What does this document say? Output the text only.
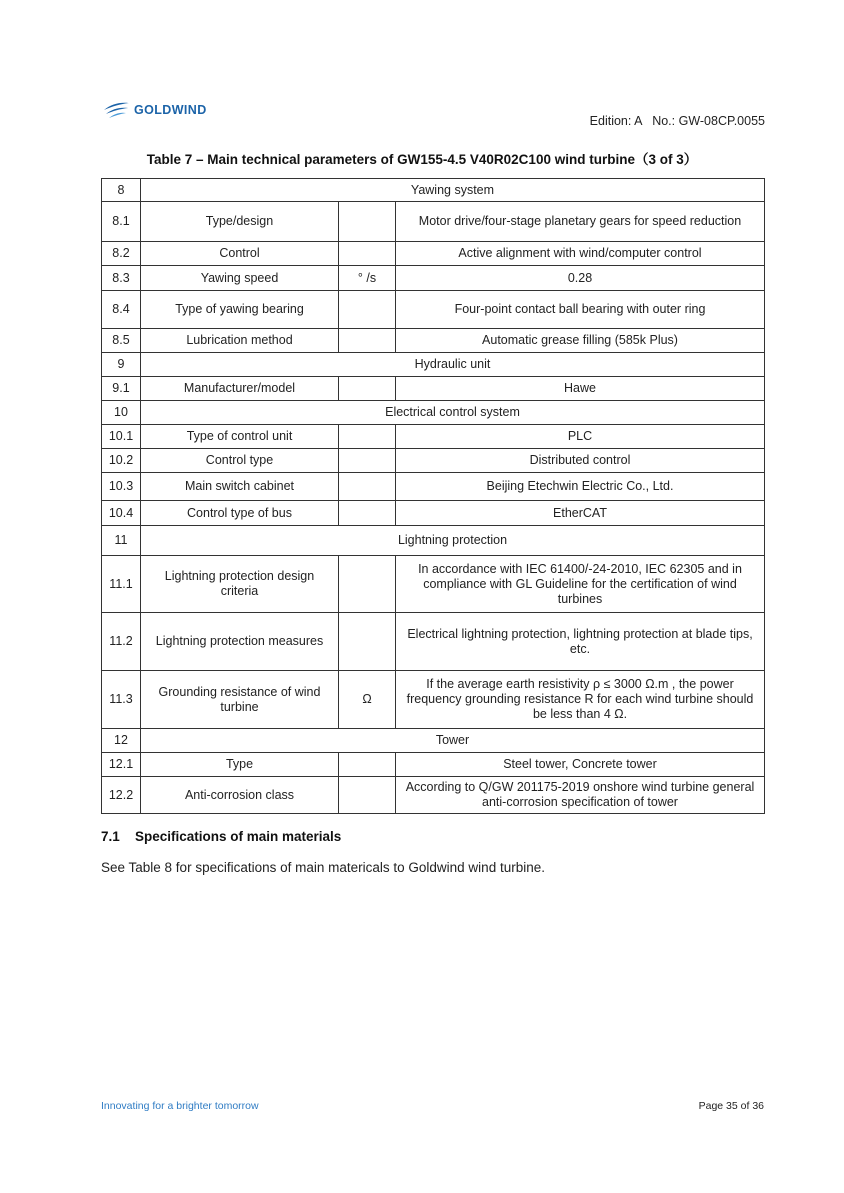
GOLDWIND
Edition: A   No.: GW-08CP.0055
Table 7 – Main technical parameters of GW155-4.5 V40R02C100 wind turbine（3 of 3）
8	Yawing system		
8.1	Type/design		Motor drive/four-stage planetary gears for speed reduction
8.2	Control		Active alignment with wind/computer control
8.3	Yawing speed	° /s	0.28
8.4	Type of yawing bearing		Four-point contact ball bearing with outer ring
8.5	Lubrication method		Automatic grease filling (585k Plus)
9	Hydraulic unit		
9.1	Manufacturer/model		Hawe
10	Electrical control system		
10.1	Type of control unit		PLC
10.2	Control type		Distributed control
10.3	Main switch cabinet		Beijing Etechwin Electric Co., Ltd.
10.4	Control type of bus		EtherCAT
11	Lightning protection		
11.1	Lightning protection design criteria		In accordance with IEC 61400/-24-2010, IEC 62305 and in compliance with GL Guideline for the certification of wind turbines
11.2	Lightning protection measures		Electrical lightning protection, lightning protection at blade tips, etc.
11.3	Grounding resistance of wind turbine	Ω	If the average earth resistivity ρ ≤ 3000 Ω.m , the power frequency grounding resistance R for each wind turbine should be less than 4 Ω.
12	Tower		
12.1	Type		Steel tower, Concrete tower
12.2	Anti-corrosion class		According to Q/GW 201175-2019 onshore wind turbine general anti-corrosion specification of tower
7.1 Specifications of main materials
See Table 8 for specifications of main matericals to Goldwind wind turbine.
Innovating for a brighter tomorrow	Page 35 of 36
